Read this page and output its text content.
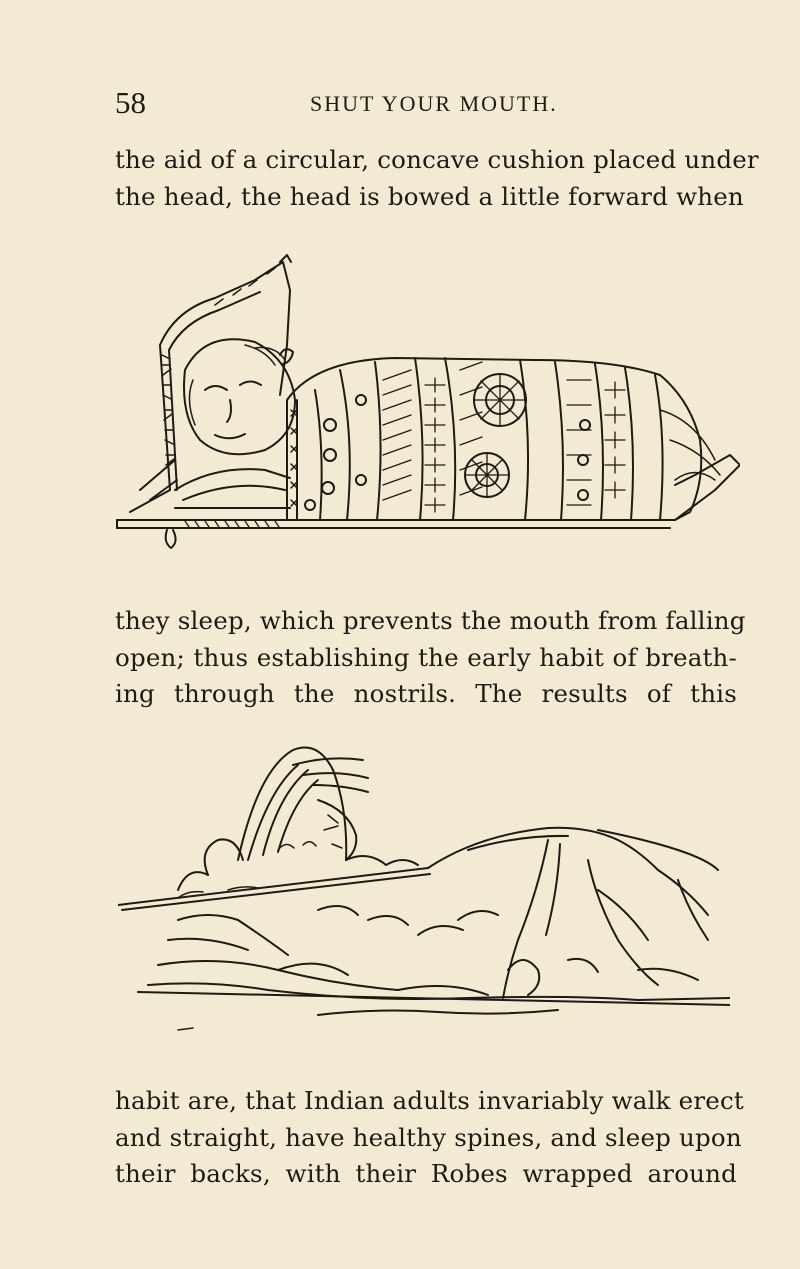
58	SHUT YOUR MOUTH.
the aid of a circular, concave cushion placed under
the head, the head is bowed a little forward when
they sleep, which prevents the mouth from falling
open; thus establishing the early habit of breath-
ing through the nostrils. The results of this
habit are, that Indian adults invariably walk erect
and straight, have healthy spines, and sleep upon
their backs, with their Robes wrapped around
